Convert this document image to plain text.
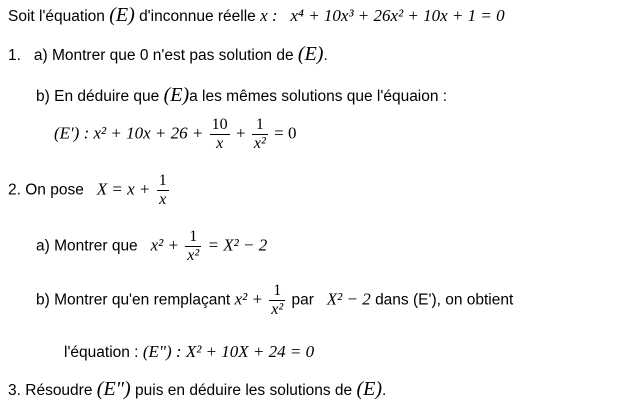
Soit l'équation (E) d'inconnue réelle x : x⁴ + 10x³ + 26x² + 10x + 1 = 0
1. a) Montrer que 0 n'est pas solution de (E).
b) En déduire que (E)a les mêmes solutions que l'équaion :
(E') : $x^2 + 10x + 26 + \frac{10}{x} + \frac{1}{\text{x²}} = 0$
2. On pose $X = x + \frac{1}{x}$
a) Montrer que $x^2 + \frac{1}{\text{x²}} = X^2 - 2$
b) Montrer qu'en remplaçant $x^2 + \frac{1}{\text{x²}}$ par X² − 2 dans (E'), on obtient
l'équation : (E") : X² + 10X + 24 = 0
3. Résoudre (E") puis en déduire les solutions de (E).
